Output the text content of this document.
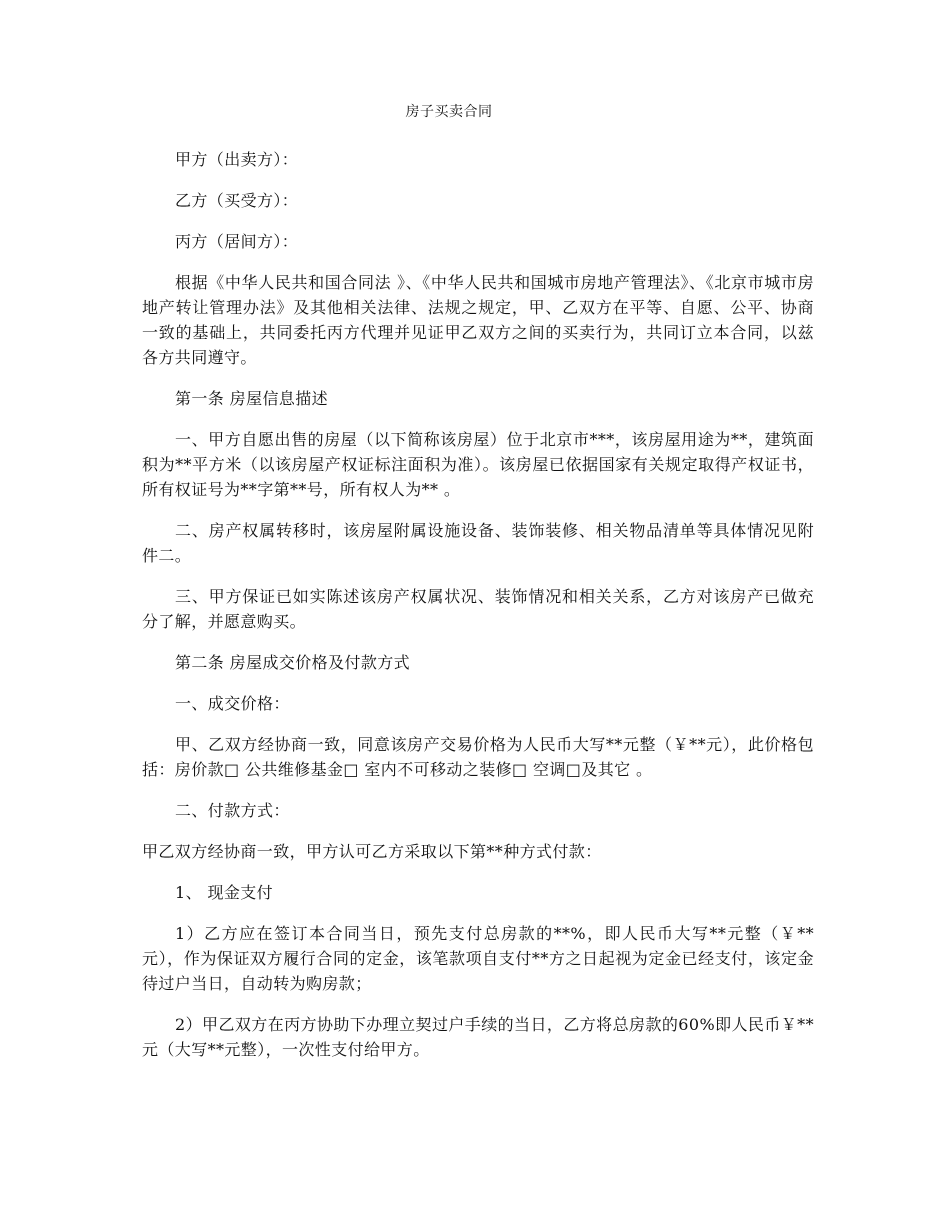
房子买卖合同

甲方（出卖方）：

乙方（买受方）：

丙方（居间方）：

根据《中华人民共和国合同法 》、《中华人民共和国城市房地产管理法》、《北京市城市房地产转让管理办法》及其他相关法律、法规之规定，甲、乙双方在平等、自愿、公平、协商一致的基础上，共同委托丙方代理并见证甲乙双方之间的买卖行为，共同订立本合同，以兹各方共同遵守。

第一条 房屋信息描述

一、甲方自愿出售的房屋（以下简称该房屋）位于北京市***，该房屋用途为**，建筑面积为**平方米（以该房屋产权证标注面积为准）。该房屋已依据国家有关规定取得产权证书，所有权证号为**字第**号，所有权人为** 。

二、房产权属转移时，该房屋附属设施设备、装饰装修、相关物品清单等具体情况见附件二。

三、甲方保证已如实陈述该房产权属状况、装饰情况和相关关系，乙方对该房产已做充分了解，并愿意购买。

第二条 房屋成交价格及付款方式

一、成交价格：

甲、乙双方经协商一致，同意该房产交易价格为人民币大写**元整（￥**元），此价格包括：房价款□ 公共维修基金□ 室内不可移动之装修□ 空调□及其它 。

二、付款方式：

甲乙双方经协商一致，甲方认可乙方采取以下第**种方式付款：

1、 现金支付

1）乙方应在签订本合同当日，预先支付总房款的**%，即人民币大写**元整（￥**元），作为保证双方履行合同的定金，该笔款项自支付**方之日起视为定金已经支付，该定金待过户当日，自动转为购房款；

2）甲乙双方在丙方协助下办理立契过户手续的当日，乙方将总房款的60%即人民币￥**元（大写**元整），一次性支付给甲方。
